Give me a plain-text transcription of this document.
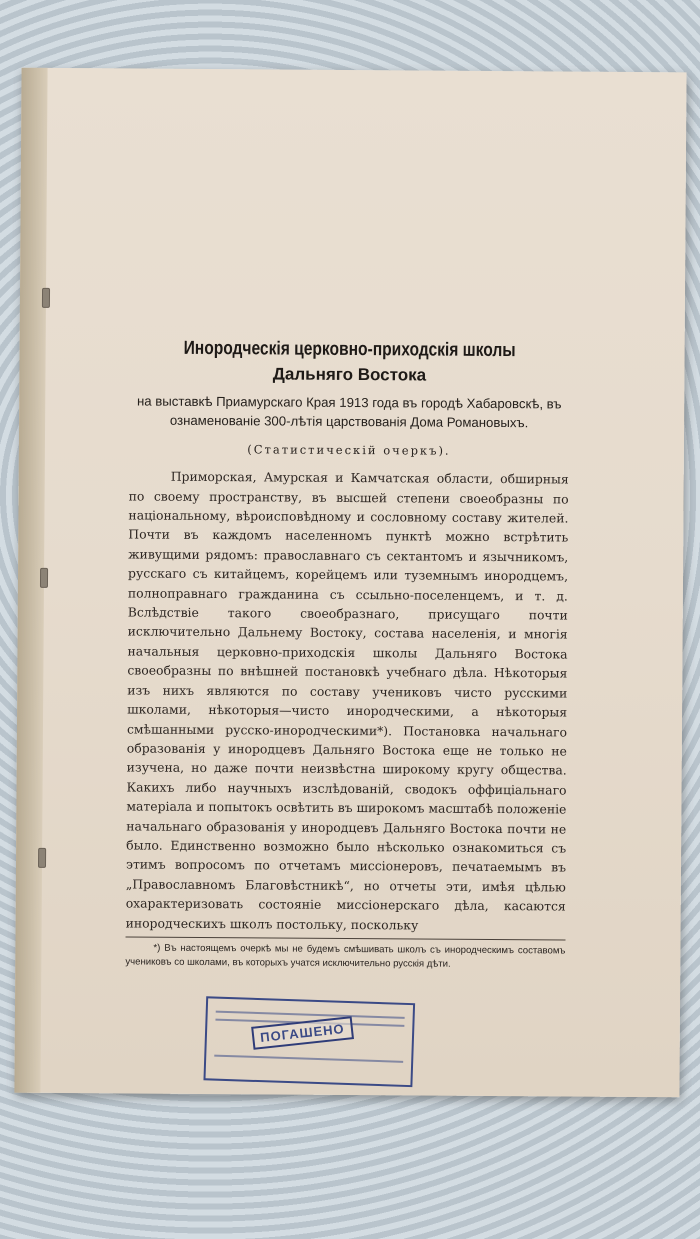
Инородческія церковно-приходскія школы
Дальняго Востока
на выставкѣ Приамурскаго Края 1913 года въ городѣ Хабаровскѣ, въ ознаменованіе 300-лѣтія царствованія Дома Романовыхъ.
(Статистическій очеркъ).

Приморская, Амурская и Камчатская области, обширныя по своему пространству, въ высшей степени своеобразны по національному, вѣроисповѣдному и сословному составу жителей. Почти въ каждомъ населенномъ пунктѣ можно встрѣтить живущими рядомъ: православнаго съ сектантомъ и язычникомъ, русскаго съ китайцемъ, корейцемъ или туземнымъ инородцемъ, полноправнаго гражданина съ ссыльно-поселенцемъ, и т. д. Вслѣдствіе такого своеобразнаго, присущаго почти исключительно Дальнему Востоку, состава населенія, и многія начальныя церковно-приходскія школы Дальняго Востока своеобразны по внѣшней постановкѣ учебнаго дѣла. Нѣкоторыя изъ нихъ являются по составу учениковъ чисто русскими школами, нѣкоторыя—чисто инородческими, а нѣкоторыя смѣшанными русско-инородческими*). Постановка начальнаго образованія у инородцевъ Дальняго Востока еще не только не изучена, но даже почти неизвѣстна широкому кругу общества. Какихъ либо научныхъ изслѣдованій, сводокъ оффиціальнаго матеріала и попытокъ освѣтить въ широкомъ масштабѣ положеніе начальнаго образованія у инородцевъ Дальняго Востока почти не было. Единственно возможно было нѣсколько ознакомиться съ этимъ вопросомъ по отчетамъ миссіонеровъ, печатаемымъ въ „Православномъ Благовѣстникѣ“, но отчеты эти, имѣя цѣлью охарактеризовать состояніе миссіонерскаго дѣла, касаются инородческихъ школъ постольку, поскольку

*) Въ настоящемъ очеркѣ мы не будемъ смѣшивать школъ съ инородческимъ составомъ учениковъ со школами, въ которыхъ учатся исключительно русскія дѣти.
ПОГАШЕНО
